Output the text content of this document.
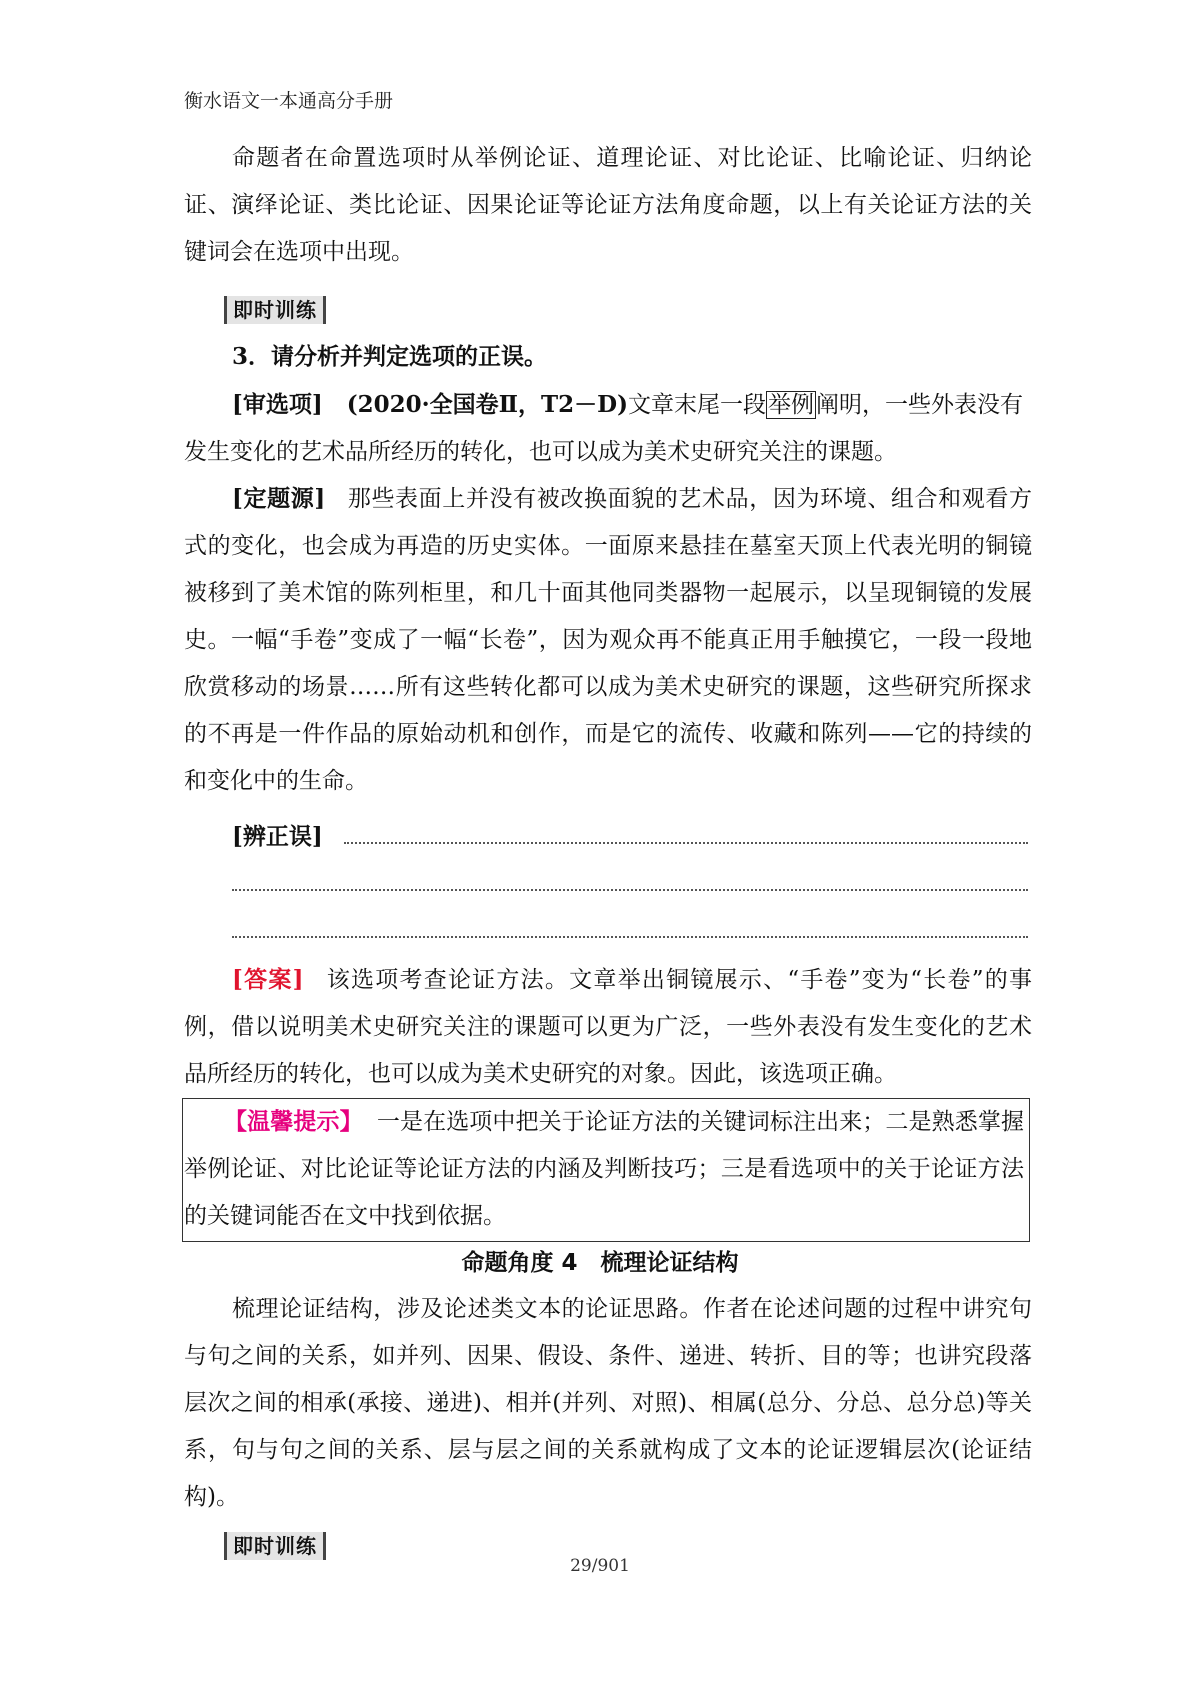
衡水语文一本通高分手册
命题者在命置选项时从举例论证、道理论证、对比论证、比喻论证、归纳论证、演绎论证、类比论证、因果论证等论证方法角度命题，以上有关论证方法的关键词会在选项中出现。
即时训练
3．请分析并判定选项的正误。
[审选项] (2020·全国卷Ⅱ，T2－D)文章末尾一段举例阐明，一些外表没有
发生变化的艺术品所经历的转化，也可以成为美术史研究关注的课题。
[定题源] 那些表面上并没有被改换面貌的艺术品，因为环境、组合和观看方式的变化，也会成为再造的历史实体。一面原来悬挂在墓室天顶上代表光明的铜镜被移到了美术馆的陈列柜里，和几十面其他同类器物一起展示，以呈现铜镜的发展史。一幅“手卷”变成了一幅“长卷”，因为观众再不能真正用手触摸它，一段一段地欣赏移动的场景……所有这些转化都可以成为美术史研究的课题，这些研究所探求的不再是一件作品的原始动机和创作，而是它的流传、收藏和陈列——它的持续的和变化中的生命。
[辨正误]
[答案] 该选项考查论证方法。文章举出铜镜展示、“手卷”变为“长卷”的事例，借以说明美术史研究关注的课题可以更为广泛，一些外表没有发生变化的艺术品所经历的转化，也可以成为美术史研究的对象。因此，该选项正确。
【温馨提示】 一是在选项中把关于论证方法的关键词标注出来；二是熟悉掌握举例论证、对比论证等论证方法的内涵及判断技巧；三是看选项中的关于论证方法的关键词能否在文中找到依据。
命题角度 4　梳理论证结构
梳理论证结构，涉及论述类文本的论证思路。作者在论述问题的过程中讲究句与句之间的关系，如并列、因果、假设、条件、递进、转折、目的等；也讲究段落层次之间的相承(承接、递进)、相并(并列、对照)、相属(总分、分总、总分总)等关系，句与句之间的关系、层与层之间的关系就构成了文本的论证逻辑层次(论证结构)。
即时训练
29/901
